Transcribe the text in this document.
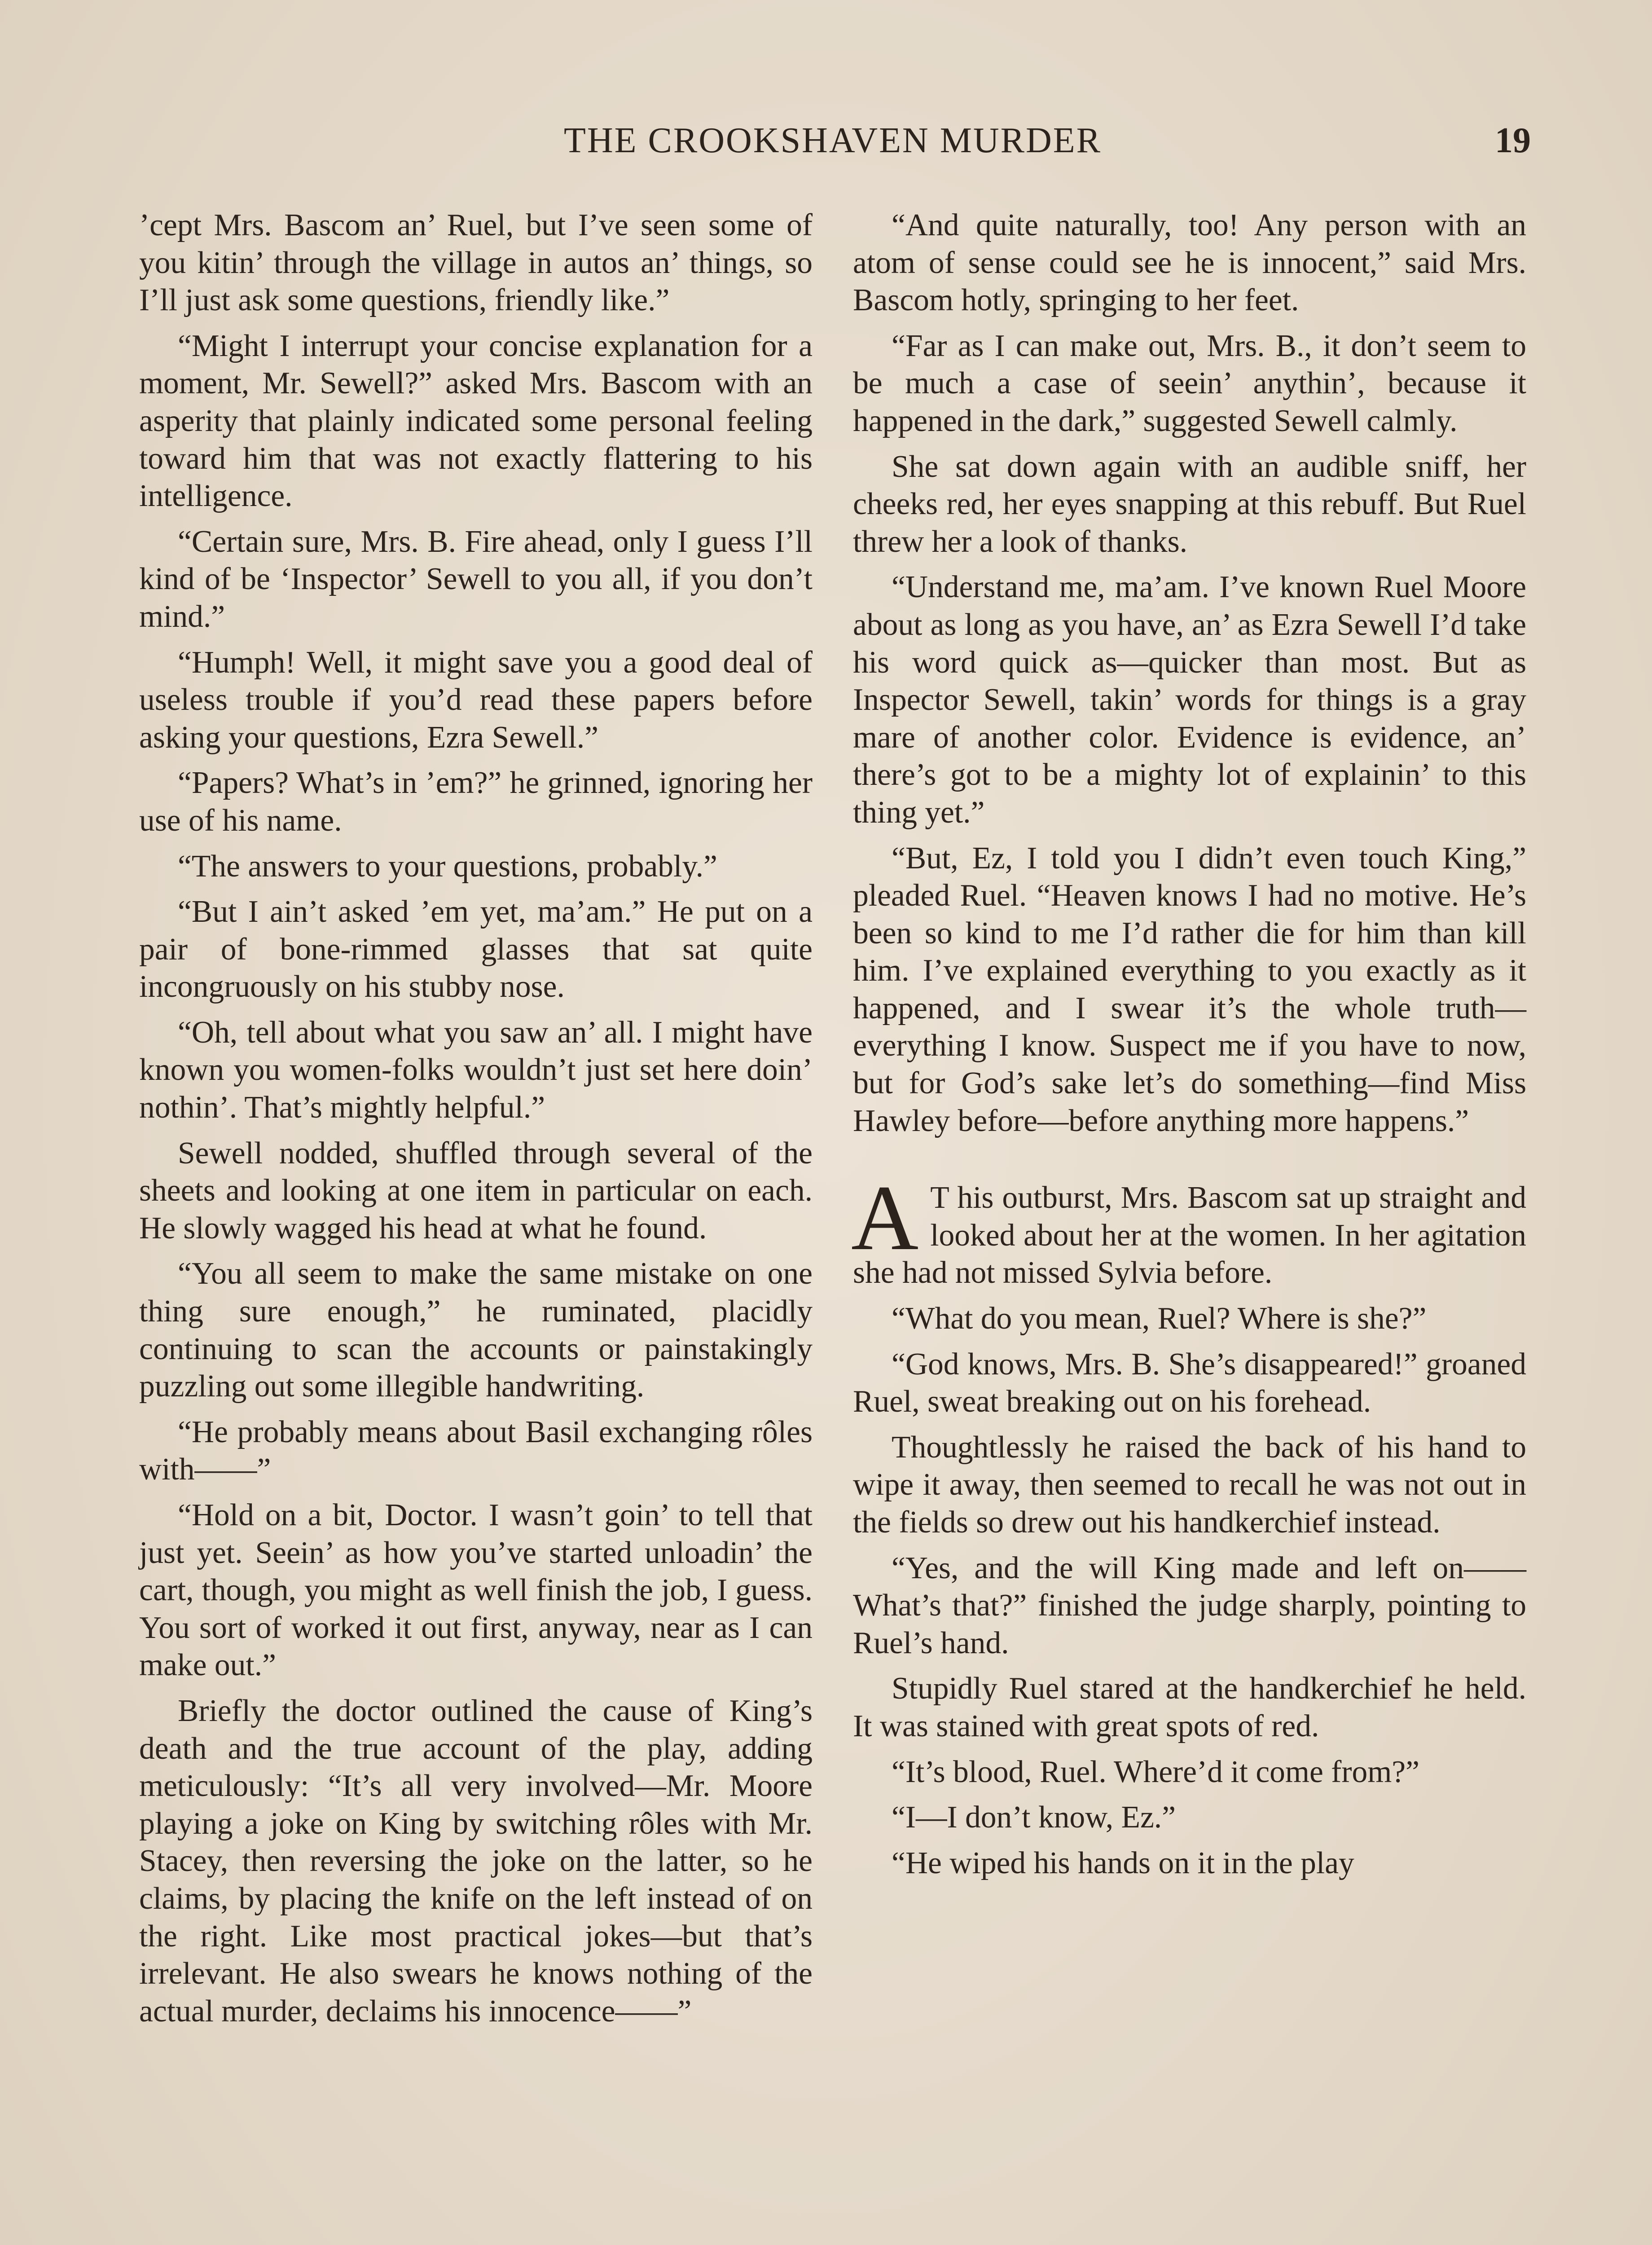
THE CROOKSHAVEN MURDER	19

’cept Mrs. Bascom an’ Ruel, but I’ve seen some of you kitin’ through the village in autos an’ things, so I’ll just ask some questions, friendly like.”

“Might I interrupt your concise explanation for a moment, Mr. Sewell?” asked Mrs. Bascom with an asperity that plainly indicated some personal feeling toward him that was not exactly flattering to his intelligence.

“Certain sure, Mrs. B. Fire ahead, only I guess I’ll kind of be ‘Inspector’ Sewell to you all, if you don’t mind.”

“Humph! Well, it might save you a good deal of useless trouble if you’d read these papers before asking your questions, Ezra Sewell.”

“Papers? What’s in ’em?” he grinned, ignoring her use of his name.

“The answers to your questions, probably.”

“But I ain’t asked ’em yet, ma’am.” He put on a pair of bone-rimmed glasses that sat quite incongruously on his stubby nose.

“Oh, tell about what you saw an’ all. I might have known you women-folks wouldn’t just set here doin’ nothin’. That’s mightly helpful.”

Sewell nodded, shuffled through several of the sheets and looking at one item in particular on each. He slowly wagged his head at what he found.

“You all seem to make the same mistake on one thing sure enough,” he ruminated, placidly continuing to scan the accounts or painstakingly puzzling out some illegible handwriting.

“He probably means about Basil exchanging rôles with——”

“Hold on a bit, Doctor. I wasn’t goin’ to tell that just yet. Seein’ as how you’ve started unloadin’ the cart, though, you might as well finish the job, I guess. You sort of worked it out first, anyway, near as I can make out.”

Briefly the doctor outlined the cause of King’s death and the true account of the play, adding meticulously: “It’s all very involved—Mr. Moore playing a joke on King by switching rôles with Mr. Stacey, then reversing the joke on the latter, so he claims, by placing the knife on the left instead of on the right. Like most practical jokes—but that’s irrelevant. He also swears he knows nothing of the actual murder, declaims his innocence——”

“And quite naturally, too! Any person with an atom of sense could see he is innocent,” said Mrs. Bascom hotly, springing to her feet.

“Far as I can make out, Mrs. B., it don’t seem to be much a case of seein’ anythin’, because it happened in the dark,” suggested Sewell calmly.

She sat down again with an audible sniff, her cheeks red, her eyes snapping at this rebuff. But Ruel threw her a look of thanks.

“Understand me, ma’am. I’ve known Ruel Moore about as long as you have, an’ as Ezra Sewell I’d take his word quick as—quicker than most. But as Inspector Sewell, takin’ words for things is a gray mare of another color. Evidence is evidence, an’ there’s got to be a mighty lot of explainin’ to this thing yet.”

“But, Ez, I told you I didn’t even touch King,” pleaded Ruel. “Heaven knows I had no motive. He’s been so kind to me I’d rather die for him than kill him. I’ve explained everything to you exactly as it happened, and I swear it’s the whole truth—everything I know. Suspect me if you have to now, but for God’s sake let’s do something—find Miss Hawley before—before anything more happens.”

A T his outburst, Mrs. Bascom sat up straight and looked about her at the women. In her agitation she had not missed Sylvia before.

“What do you mean, Ruel? Where is she?”

“God knows, Mrs. B. She’s disappeared!” groaned Ruel, sweat breaking out on his forehead.

Thoughtlessly he raised the back of his hand to wipe it away, then seemed to recall he was not out in the fields so drew out his handkerchief instead.

“Yes, and the will King made and left on—— What’s that?” finished the judge sharply, pointing to Ruel’s hand.

Stupidly Ruel stared at the handkerchief he held. It was stained with great spots of red.

“It’s blood, Ruel. Where’d it come from?”

“I—I don’t know, Ez.”

“He wiped his hands on it in the play
